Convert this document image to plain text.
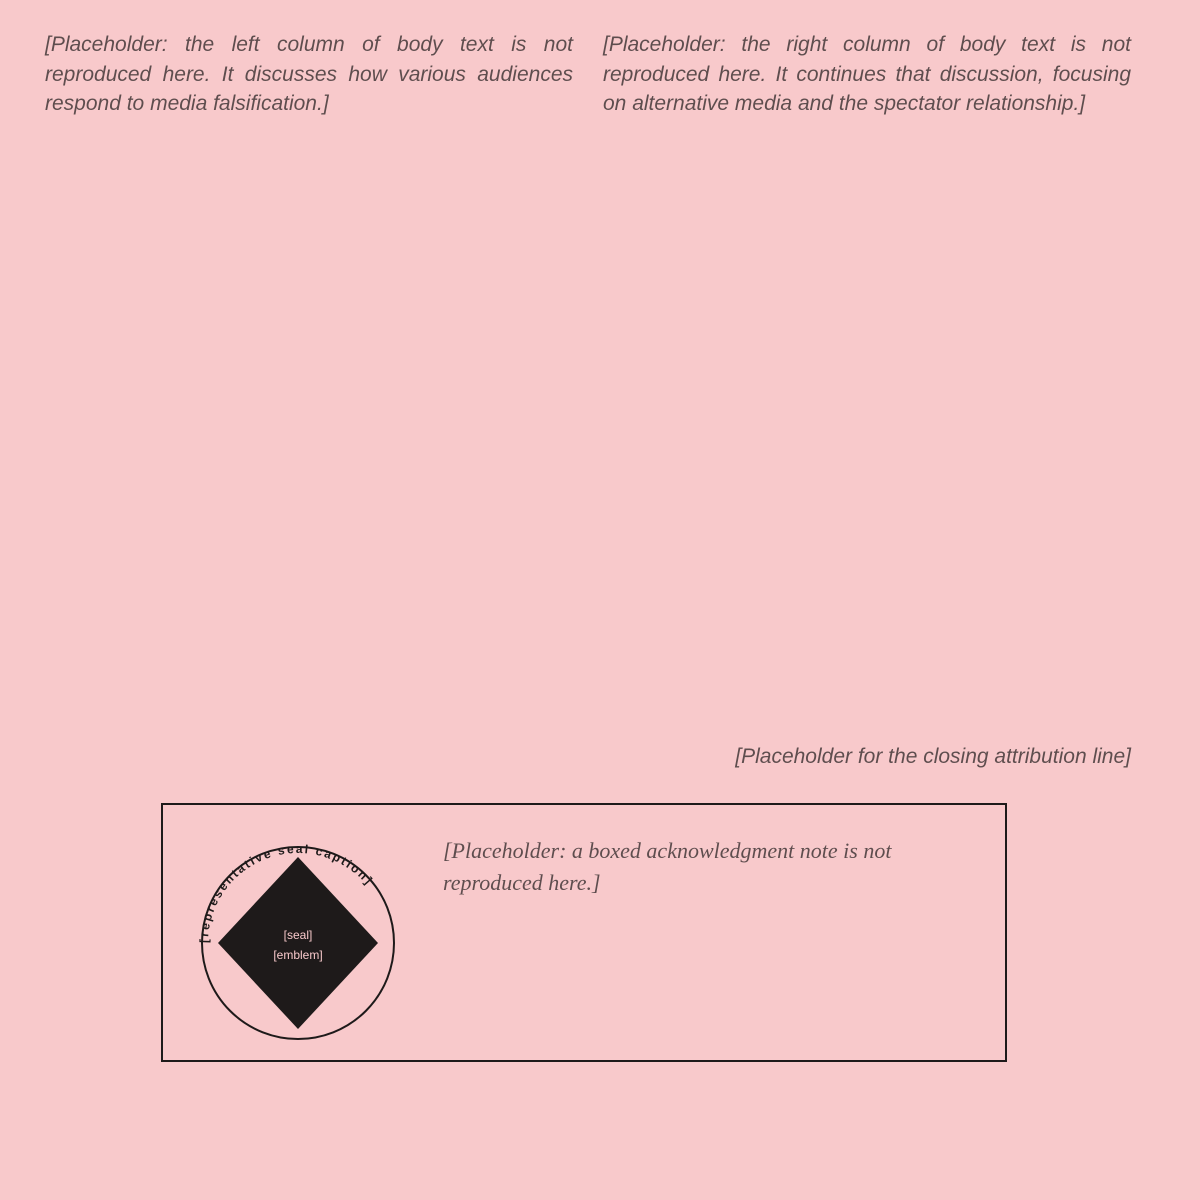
[Placeholder: the left column of body text is not reproduced here. It discusses how various audiences respond to media falsification.]
[Placeholder: the right column of body text is not reproduced here. It continues that discussion, focusing on alternative media and the spectator relationship.]
[Placeholder for the closing attribution line]
[representative seal caption]
[seal]
[emblem]
[Placeholder: a boxed acknowledgment note is not reproduced here.]
